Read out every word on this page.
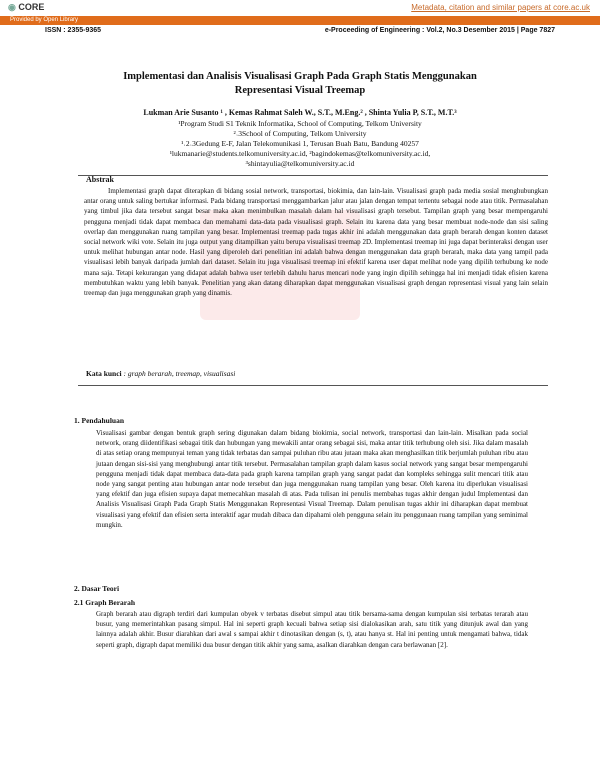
◉ CORE	Metadata, citation and similar papers at core.ac.uk
Provided by Open Library
ISSN : 2355-9365	e-Proceeding of Engineering : Vol.2, No.3 Desember 2015 | Page 7827
Implementasi dan Analisis Visualisasi Graph Pada Graph Statis Menggunakan
Representasi Visual Treemap
Lukman Arie Susanto ¹ , Kemas Rahmat Saleh W., S.T., M.Eng.² , Shinta Yulia P, S.T., M.T.³
¹Program Studi S1 Teknik Informatika, School of Computing, Telkom University
²˒3School of Computing, Telkom University
¹˒2˒3Gedung E-F, Jalan Telekomunikasi 1, Terusan Buah Batu, Bandung 40257
¹lukmanarie@students.telkomuniversity.ac.id, ²bagindokemas@telkomuniversity.ac.id,
³shintayulia@telkomuniversity.ac.id
Abstrak
Implementasi graph dapat diterapkan di bidang sosial network, transportasi, biokimia, dan lain-lain. Visualisasi graph pada media sosial menghubungkan antar orang untuk saling bertukar informasi. Pada bidang transportasi menggambarkan jalur atau jalan dengan tempat tertentu sebagai node atau titik. Permasalahan yang timbul jika data tersebut sangat besar maka akan menimbulkan masalah dalam hal visualisasi graph tersebut. Tampilan graph yang besar mempengaruhi pengguna menjadi tidak dapat membaca dan memahami data-data pada visualisasi graph. Selain itu karena data yang besar membuat node-node dan sisi saling overlap dan menggunakan ruang tampilan yang besar. Implementasi treemap pada tugas akhir ini adalah menggunakan data graph berarah dengan konten dataset social network wiki vote. Selain itu juga output yang ditampilkan yaitu berupa visualisasi treemap 2D. Implementasi treemap ini juga dapat berinteraksi dengan user untuk melihat hubungan antar node. Hasil yang diperoleh dari penelitian ini adalah bahwa dengan menggunakan data graph berarah, maka data yang tampil pada visualisasi lebih banyak daripada jumlah dari dataset. Selain itu juga visualisasi treemap ini efektif karena user dapat melihat node yang dipilih terhubung ke node mana saja. Tetapi kekurangan yang didapat adalah bahwa user terlebih dahulu harus mencari node yang ingin dipilih sehingga hal ini menjadi tidak efisien karena membutuhkan waktu yang lebih banyak. Penelitian yang akan datang diharapkan dapat menggunakan visualisasi graph dengan representasi visual yang lain selain treemap dan juga menggunakan graph yang dinamis.
Kata kunci : graph berarah, treemap, visualisasi
1. Pendahuluan
Visualisasi gambar dengan bentuk graph sering digunakan dalam bidang biokimia, social network, transportasi dan lain-lain. Misalkan pada social network, orang diidentifikasi sebagai titik dan hubungan yang mewakili antar orang sebagai sisi, maka antar titik terhubung oleh sisi. Jika dalam masalah di atas setiap orang mempunyai teman yang tidak terbatas dan sampai puluhan ribu atau jutaan maka akan menghasilkan titik berjumlah puluhan ribu atau jutaan dengan sisi-sisi yang menghubungi antar titik tersebut. Permasalahan tampilan graph dalam kasus social network yang sangat besar mempengaruhi pengguna menjadi tidak dapat membaca data-data pada graph karena tampilan graph yang sangat padat dan kompleks sehingga sulit mencari titik atau node yang sangat penting atau hubungan antar node tersebut dan juga menggunakan ruang tampilan yang besar. Oleh karena itu diperlukan visualisasi yang efektif dan juga efisien supaya dapat memecahkan masalah di atas. Pada tulisan ini penulis membahas tugas akhir dengan judul Implementasi dan Analisis Visualisasi Graph Pada Graph Statis Menggunakan Representasi Visual Treemap. Dalam penulisan tugas akhir ini diharapkan dapat membuat visualisasi yang efektif dan efisien serta interaktif agar mudah dibaca dan dipahami oleh pengguna selain itu penggunaan ruang tampilan yang seminimal mungkin.
2. Dasar Teori
2.1 Graph Berarah
Graph berarah atau digraph terdiri dari kumpulan obyek v terbatas disebut simpul atau titik bersama-sama dengan kumpulan sisi terbatas terarah atau busur, yang memerintahkan pasang simpul. Hal ini seperti graph kecuali bahwa setiap sisi dialokasikan arah, satu titik yang ditunjuk awal dan yang lainnya adalah akhir. Busur diarahkan dari awal s sampai akhir t dinotasikan dengan (s, t), atau hanya st. Hal ini penting untuk mengamati bahwa, tidak seperti graph, digraph dapat memiliki dua busur dengan titik akhir yang sama, asalkan diarahkan dengan cara berlawanan [2].
